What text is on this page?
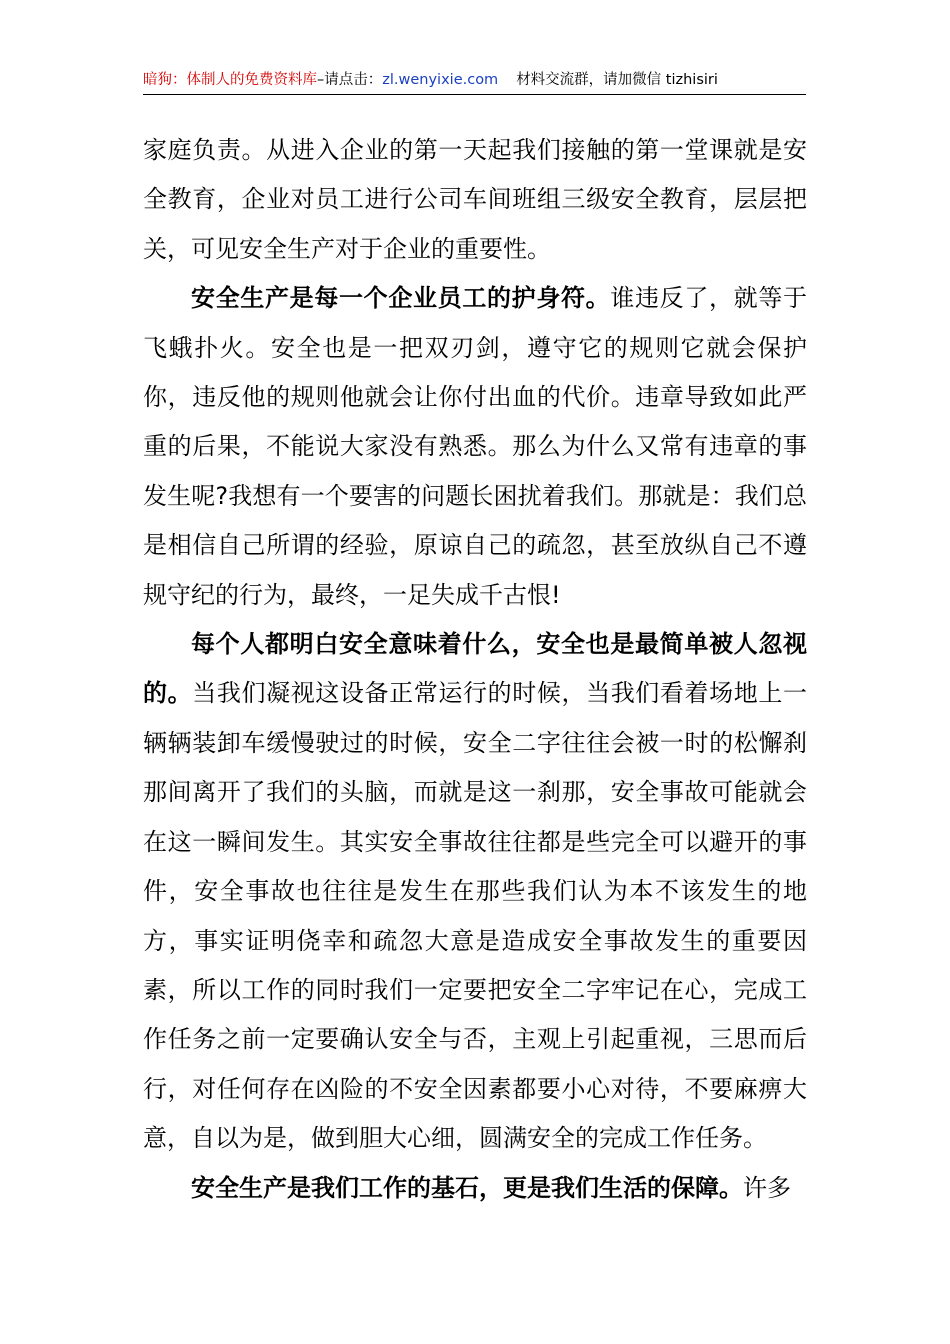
暗狗：体制人的免费资料库–请点击：zl.wenyixie.com 材料交流群，请加微信 tizhisiri

家庭负责。从进入企业的第一天起我们接触的第一堂课就是安全教育，企业对员工进行公司车间班组三级安全教育，层层把关，可见安全生产对于企业的重要性。

安全生产是每一个企业员工的护身符。谁违反了，就等于飞蛾扑火。安全也是一把双刃剑，遵守它的规则它就会保护你，违反他的规则他就会让你付出血的代价。违章导致如此严重的后果，不能说大家没有熟悉。那么为什么又常有违章的事发生呢?我想有一个要害的问题长困扰着我们。那就是：我们总是相信自己所谓的经验，原谅自己的疏忽，甚至放纵自己不遵规守纪的行为，最终，一足失成千古恨!

每个人都明白安全意味着什么，安全也是最简单被人忽视的。当我们凝视这设备正常运行的时候，当我们看着场地上一辆辆装卸车缓慢驶过的时候，安全二字往往会被一时的松懈刹那间离开了我们的头脑，而就是这一刹那，安全事故可能就会在这一瞬间发生。其实安全事故往往都是些完全可以避开的事件，安全事故也往往是发生在那些我们认为本不该发生的地方，事实证明侥幸和疏忽大意是造成安全事故发生的重要因素，所以工作的同时我们一定要把安全二字牢记在心，完成工作任务之前一定要确认安全与否，主观上引起重视，三思而后行，对任何存在凶险的不安全因素都要小心对待，不要麻痹大意，自以为是，做到胆大心细，圆满安全的完成工作任务。

安全生产是我们工作的基石，更是我们生活的保障。许多
